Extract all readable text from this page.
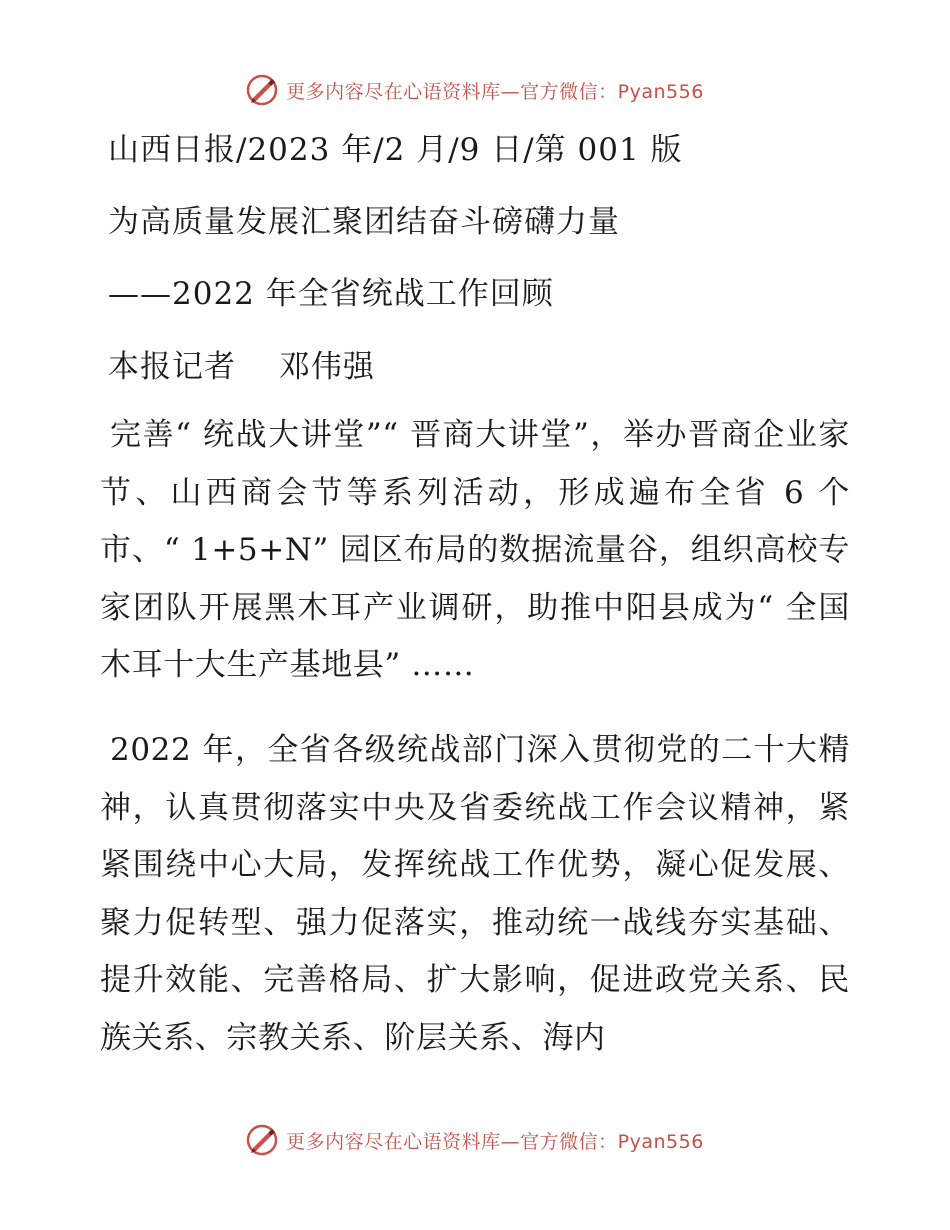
更多内容尽在心语资料库—官方微信：Pyan556
山西日报/2023 年/2 月/9 日/第 001 版
为高质量发展汇聚团结奋斗磅礴力量
——2022 年全省统战工作回顾
本报记者　 邓伟强
完善“ 统战大讲堂”“ 晋商大讲堂”，举办晋商企业家节、山西商会节等系列活动，形成遍布全省 6 个市、“ 1+5+N” 园区布局的数据流量谷，组织高校专家团队开展黑木耳产业调研，助推中阳县成为“ 全国木耳十大生产基地县” ……
2022 年，全省各级统战部门深入贯彻党的二十大精神，认真贯彻落实中央及省委统战工作会议精神，紧紧围绕中心大局，发挥统战工作优势，凝心促发展、聚力促转型、强力促落实，推动统一战线夯实基础、提升效能、完善格局、扩大影响，促进政党关系、民族关系、宗教关系、阶层关系、海内
更多内容尽在心语资料库—官方微信：Pyan556
